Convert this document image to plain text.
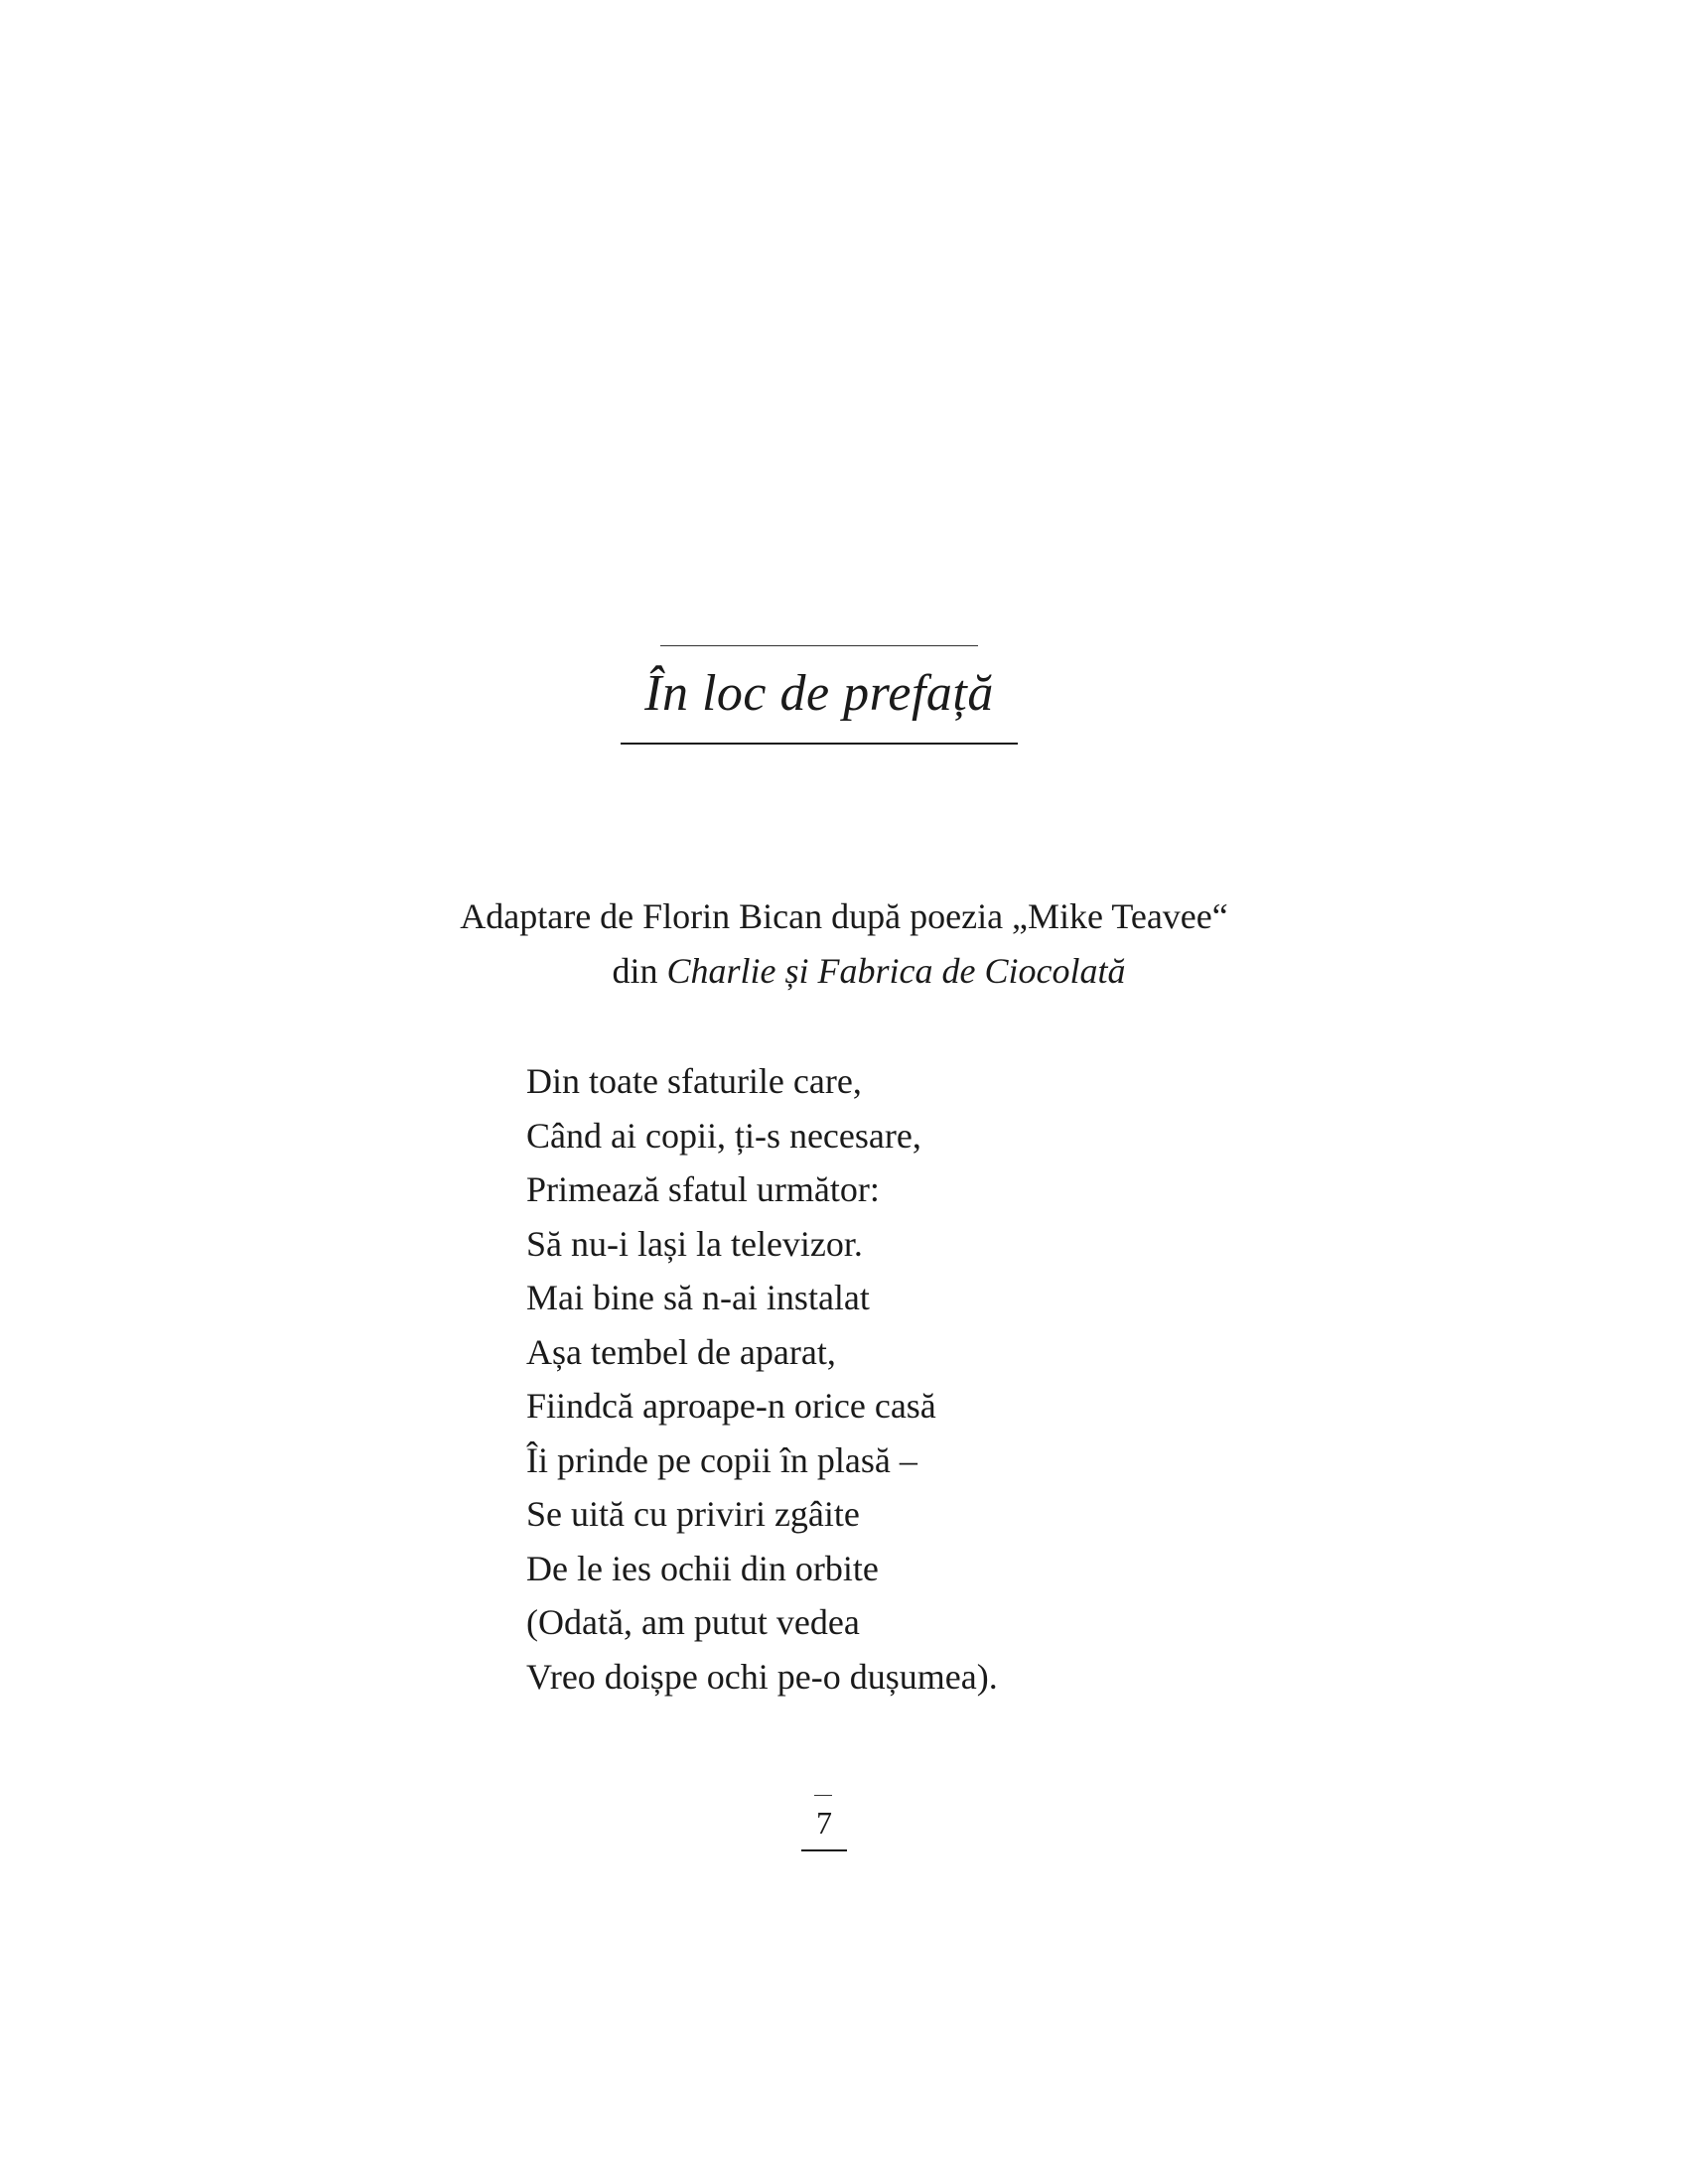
În loc de prefață
Adaptare de Florin Bican după poezia „Mike Teavee“
din Charlie și Fabrica de Ciocolată
Din toate sfaturile care,
Când ai copii, ți-s necesare,
Primează sfatul următor:
Să nu-i lași la televizor.
Mai bine să n-ai instalat
Așa tembel de aparat,
Fiindcă aproape-n orice casă
Îi prinde pe copii în plasă –
Se uită cu priviri zgâite
De le ies ochii din orbite
(Odată, am putut vedea
Vreo doișpe ochi pe-o dușumea).
7
